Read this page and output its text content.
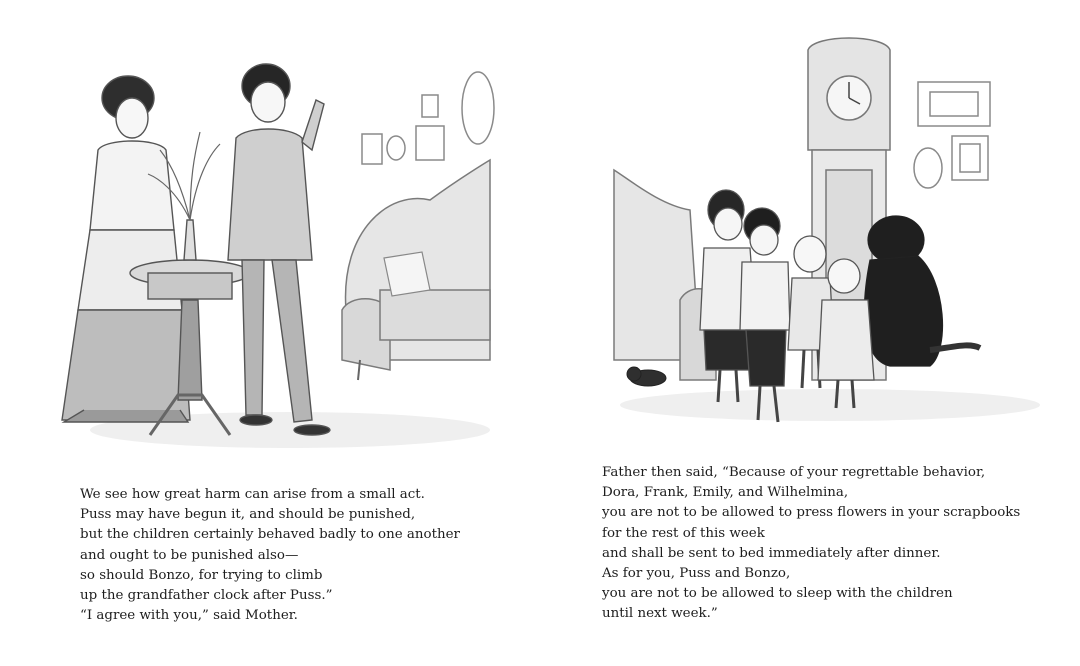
We see how great harm can arise from a small act.
Puss may have begun it, and should be punished,
but the children certainly behaved badly to one another
and ought to be punished also—
so should Bonzo, for trying to climb
up the grandfather clock after Puss.”
“I agree with you,” said Mother.
Father then said, “Because of your regrettable behavior,
Dora, Frank, Emily, and Wilhelmina,
you are not to be allowed to press flowers in your scrapbooks
for the rest of this week
and shall be sent to bed immediately after dinner.
As for you, Puss and Bonzo,
you are not to be allowed to sleep with the children
until next week.”
